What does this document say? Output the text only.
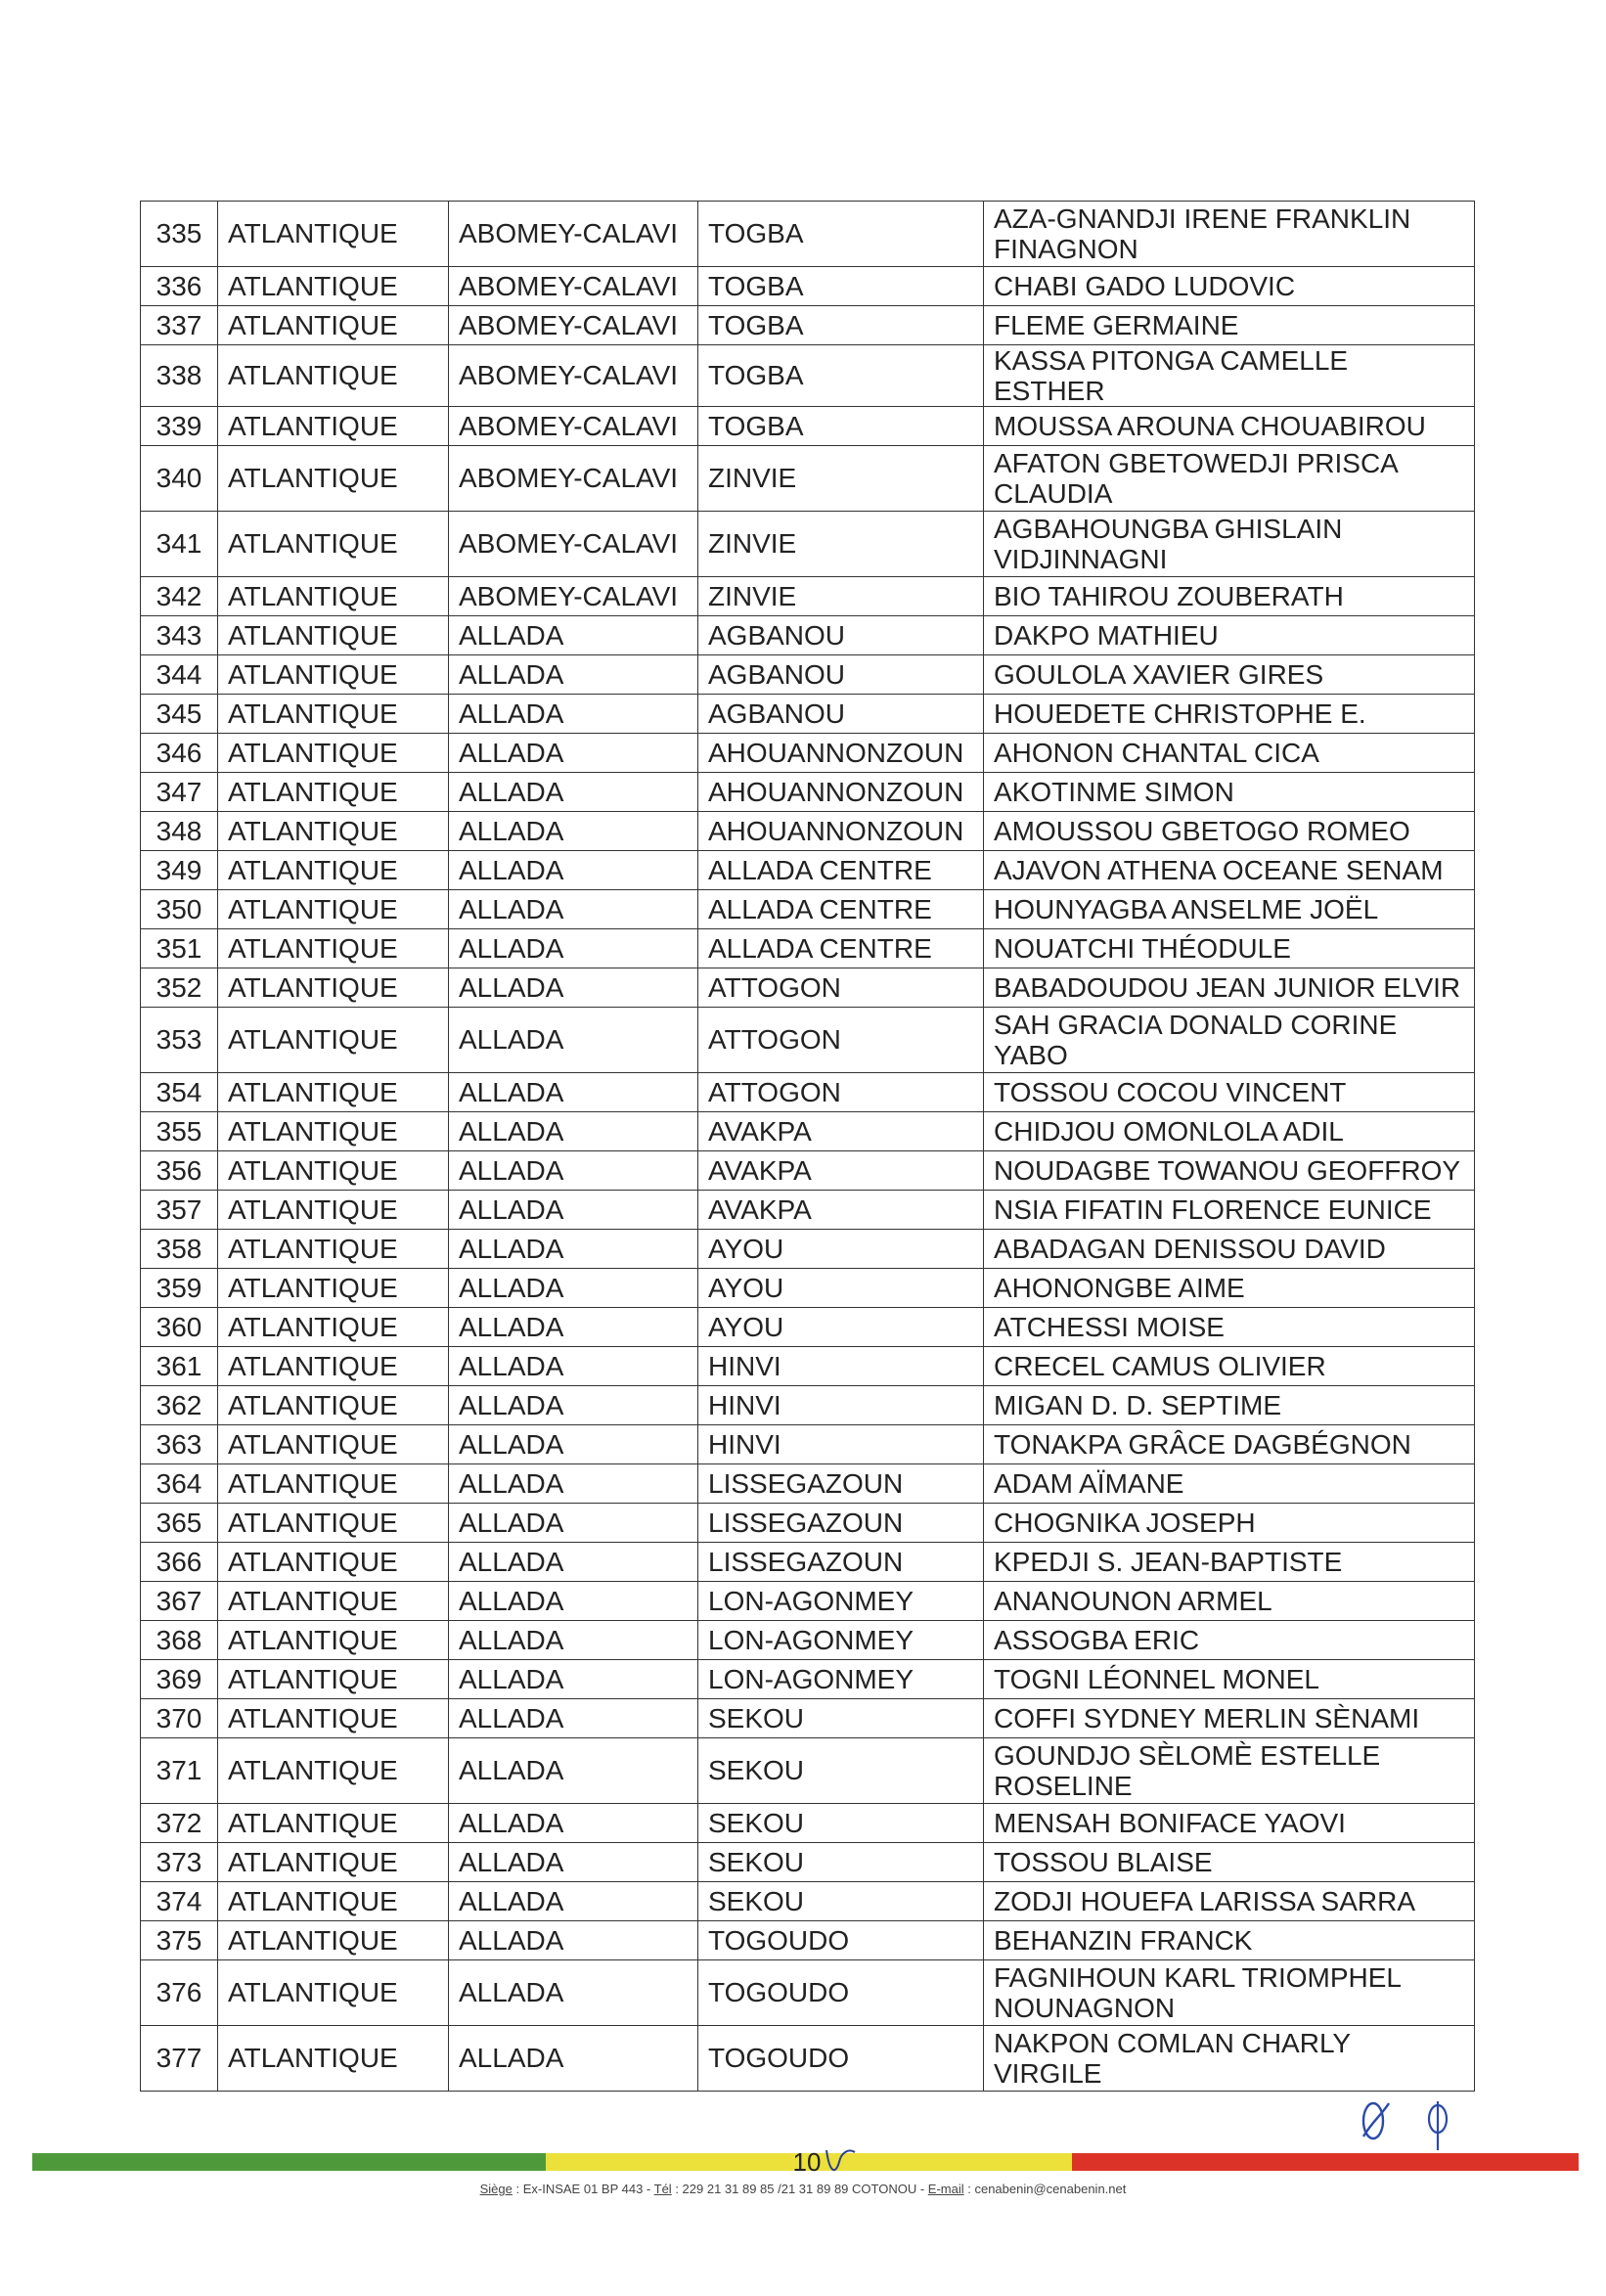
335	ATLANTIQUE	ABOMEY-CALAVI	TOGBA	AZA-GNANDJI IRENE FRANKLIN FINAGNON
336	ATLANTIQUE	ABOMEY-CALAVI	TOGBA	CHABI GADO LUDOVIC
337	ATLANTIQUE	ABOMEY-CALAVI	TOGBA	FLEME GERMAINE
338	ATLANTIQUE	ABOMEY-CALAVI	TOGBA	KASSA PITONGA CAMELLE ESTHER
339	ATLANTIQUE	ABOMEY-CALAVI	TOGBA	MOUSSA AROUNA CHOUABIROU
340	ATLANTIQUE	ABOMEY-CALAVI	ZINVIE	AFATON GBETOWEDJI PRISCA CLAUDIA
341	ATLANTIQUE	ABOMEY-CALAVI	ZINVIE	AGBAHOUNGBA GHISLAIN VIDJINNAGNI
342	ATLANTIQUE	ABOMEY-CALAVI	ZINVIE	BIO TAHIROU ZOUBERATH
343	ATLANTIQUE	ALLADA	AGBANOU	DAKPO MATHIEU
344	ATLANTIQUE	ALLADA	AGBANOU	GOULOLA XAVIER GIRES
345	ATLANTIQUE	ALLADA	AGBANOU	HOUEDETE CHRISTOPHE E.
346	ATLANTIQUE	ALLADA	AHOUANNONZOUN	AHONON CHANTAL CICA
347	ATLANTIQUE	ALLADA	AHOUANNONZOUN	AKOTINME SIMON
348	ATLANTIQUE	ALLADA	AHOUANNONZOUN	AMOUSSOU GBETOGO ROMEO
349	ATLANTIQUE	ALLADA	ALLADA CENTRE	AJAVON ATHENA OCEANE SENAM
350	ATLANTIQUE	ALLADA	ALLADA CENTRE	HOUNYAGBA ANSELME JOËL
351	ATLANTIQUE	ALLADA	ALLADA CENTRE	NOUATCHI THÉODULE
352	ATLANTIQUE	ALLADA	ATTOGON	BABADOUDOU JEAN JUNIOR ELVIR
353	ATLANTIQUE	ALLADA	ATTOGON	SAH GRACIA DONALD CORINE YABO
354	ATLANTIQUE	ALLADA	ATTOGON	TOSSOU COCOU VINCENT
355	ATLANTIQUE	ALLADA	AVAKPA	CHIDJOU OMONLOLA ADIL
356	ATLANTIQUE	ALLADA	AVAKPA	NOUDAGBE TOWANOU GEOFFROY
357	ATLANTIQUE	ALLADA	AVAKPA	NSIA FIFATIN FLORENCE EUNICE
358	ATLANTIQUE	ALLADA	AYOU	ABADAGAN DENISSOU DAVID
359	ATLANTIQUE	ALLADA	AYOU	AHONONGBE AIME
360	ATLANTIQUE	ALLADA	AYOU	ATCHESSI MOISE
361	ATLANTIQUE	ALLADA	HINVI	CRECEL CAMUS OLIVIER
362	ATLANTIQUE	ALLADA	HINVI	MIGAN D. D. SEPTIME
363	ATLANTIQUE	ALLADA	HINVI	TONAKPA GRÂCE DAGBÉGNON
364	ATLANTIQUE	ALLADA	LISSEGAZOUN	ADAM AÏMANE
365	ATLANTIQUE	ALLADA	LISSEGAZOUN	CHOGNIKA JOSEPH
366	ATLANTIQUE	ALLADA	LISSEGAZOUN	KPEDJI S. JEAN-BAPTISTE
367	ATLANTIQUE	ALLADA	LON-AGONMEY	ANANOUNON ARMEL
368	ATLANTIQUE	ALLADA	LON-AGONMEY	ASSOGBA ERIC
369	ATLANTIQUE	ALLADA	LON-AGONMEY	TOGNI LÉONNEL MONEL
370	ATLANTIQUE	ALLADA	SEKOU	COFFI SYDNEY MERLIN SÈNAMI
371	ATLANTIQUE	ALLADA	SEKOU	GOUNDJO SÈLOMÈ ESTELLE ROSELINE
372	ATLANTIQUE	ALLADA	SEKOU	MENSAH BONIFACE YAOVI
373	ATLANTIQUE	ALLADA	SEKOU	TOSSOU BLAISE
374	ATLANTIQUE	ALLADA	SEKOU	ZODJI HOUEFA LARISSA SARRA
375	ATLANTIQUE	ALLADA	TOGOUDO	BEHANZIN FRANCK
376	ATLANTIQUE	ALLADA	TOGOUDO	FAGNIHOUN KARL TRIOMPHEL NOUNAGNON
377	ATLANTIQUE	ALLADA	TOGOUDO	NAKPON COMLAN CHARLY VIRGILE
10
Siège : Ex-INSAE 01 BP 443 - Tél : 229 21 31 89 85 /21 31 89 89 COTONOU - E-mail : cenabenin@cenabenin.net
